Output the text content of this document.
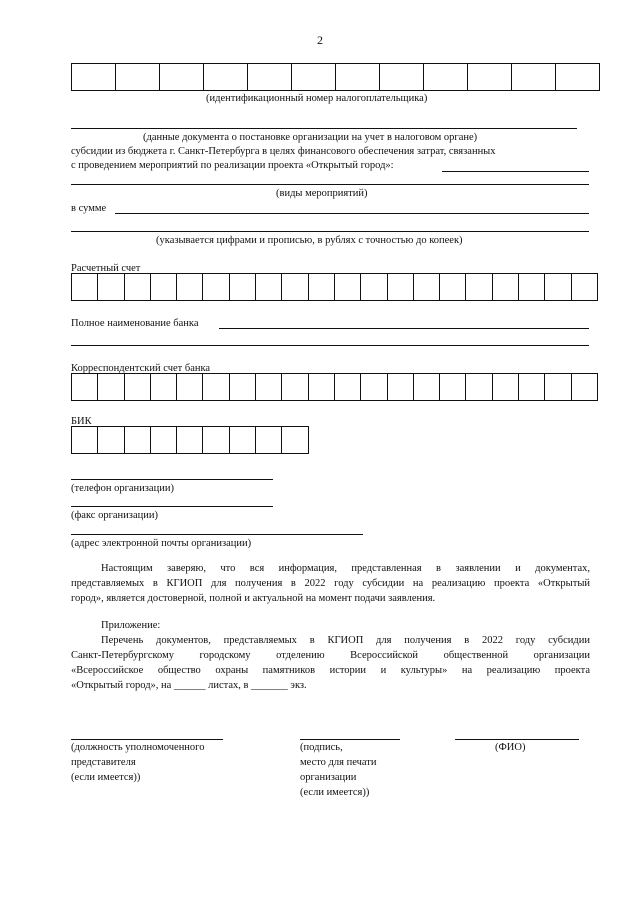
2
(идентификационный номер налогоплательщика)
(данные документа о постановке организации на учет в налоговом органе)
субсидии из бюджета г. Санкт-Петербурга в целях финансового обеспечения затрат, связанных
с проведением мероприятий по реализации проекта «Открытый город»:
(виды мероприятий)
в сумме
(указывается цифрами и прописью, в рублях с точностью до копеек)
Расчетный счет
Полное наименование банка
Корреспондентский счет банка
БИК
(телефон организации)
(факс организации)
(адрес электронной почты организации)
Настоящим заверяю, что вся информация, представленная в заявлении и документах,
представляемых в КГИОП для получения в 2022 году субсидии на реализацию проекта «Открытый
город», является достоверной, полной и актуальной на момент подачи заявления.
Приложение:
Перечень документов, представляемых в КГИОП для получения в 2022 году субсидии
Санкт-Петербургскому городскому отделению Всероссийской общественной организации
«Всероссийское общество охраны памятников истории и культуры» на реализацию проекта
«Открытый город», на ______ листах, в _______ экз.
(должность уполномоченного
представителя
(если имеется))
(подпись,
место для печати
организации
(если имеется))
(ФИО)
